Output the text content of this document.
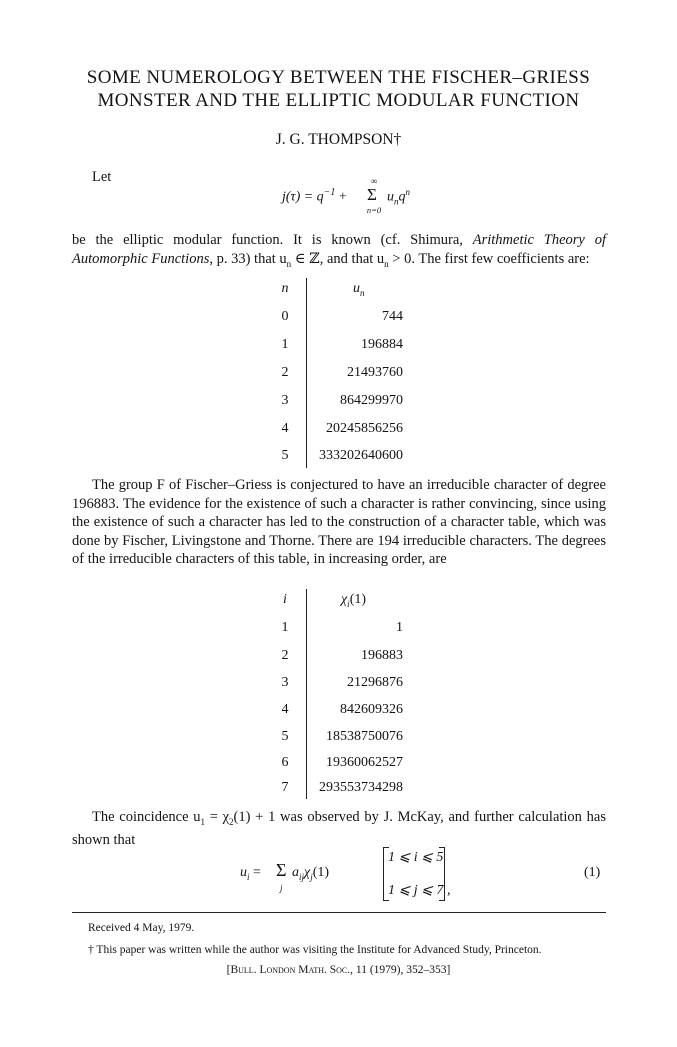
SOME NUMEROLOGY BETWEEN THE FISCHER–GRIESS
MONSTER AND THE ELLIPTIC MODULAR FUNCTION
J. G. THOMPSON†
Let
$j(\tau) = q^{-1}$ +
∞
Σ
n=0
$u_nq^n$
be the elliptic modular function. It is known (cf. Shimura, Arithmetic Theory of Automorphic Functions, p. 33) that $u_n$ ∈ ℤ, and that $u_n > 0$. The first few coefficients are:
n	$u_n$
0	744
1	196884
2	21493760
3	864299970
4	20245856256
5	333202640600
The group F of Fischer–Griess is conjectured to have an irreducible character of degree 196883. The evidence for the existence of such a character is rather convincing, since using the existence of such a character has led to the construction of a character table, which was done by Fischer, Livingstone and Thorne. There are 194 irreducible characters. The degrees of the irreducible characters of this table, in increasing order, are
i	$\chi_i(1)$
1	1
2	196883
3	21296876
4	842609326
5	18538750076
6	19360062527
7	293553734298
The coincidence $u_1 = \chi_2(1) + 1$ was observed by J. McKay, and further calculation has shown that
$u_i = \Sigma$
j
$a_{ij}\chi_j(1)$
1 ⩽ i ⩽ 5
1 ⩽ j ⩽ 7 ,
(1)
Received 4 May, 1979.
† This paper was written while the author was visiting the Institute for Advanced Study, Princeton.
[Bull. London Math. Soc., 11 (1979), 352–353]
